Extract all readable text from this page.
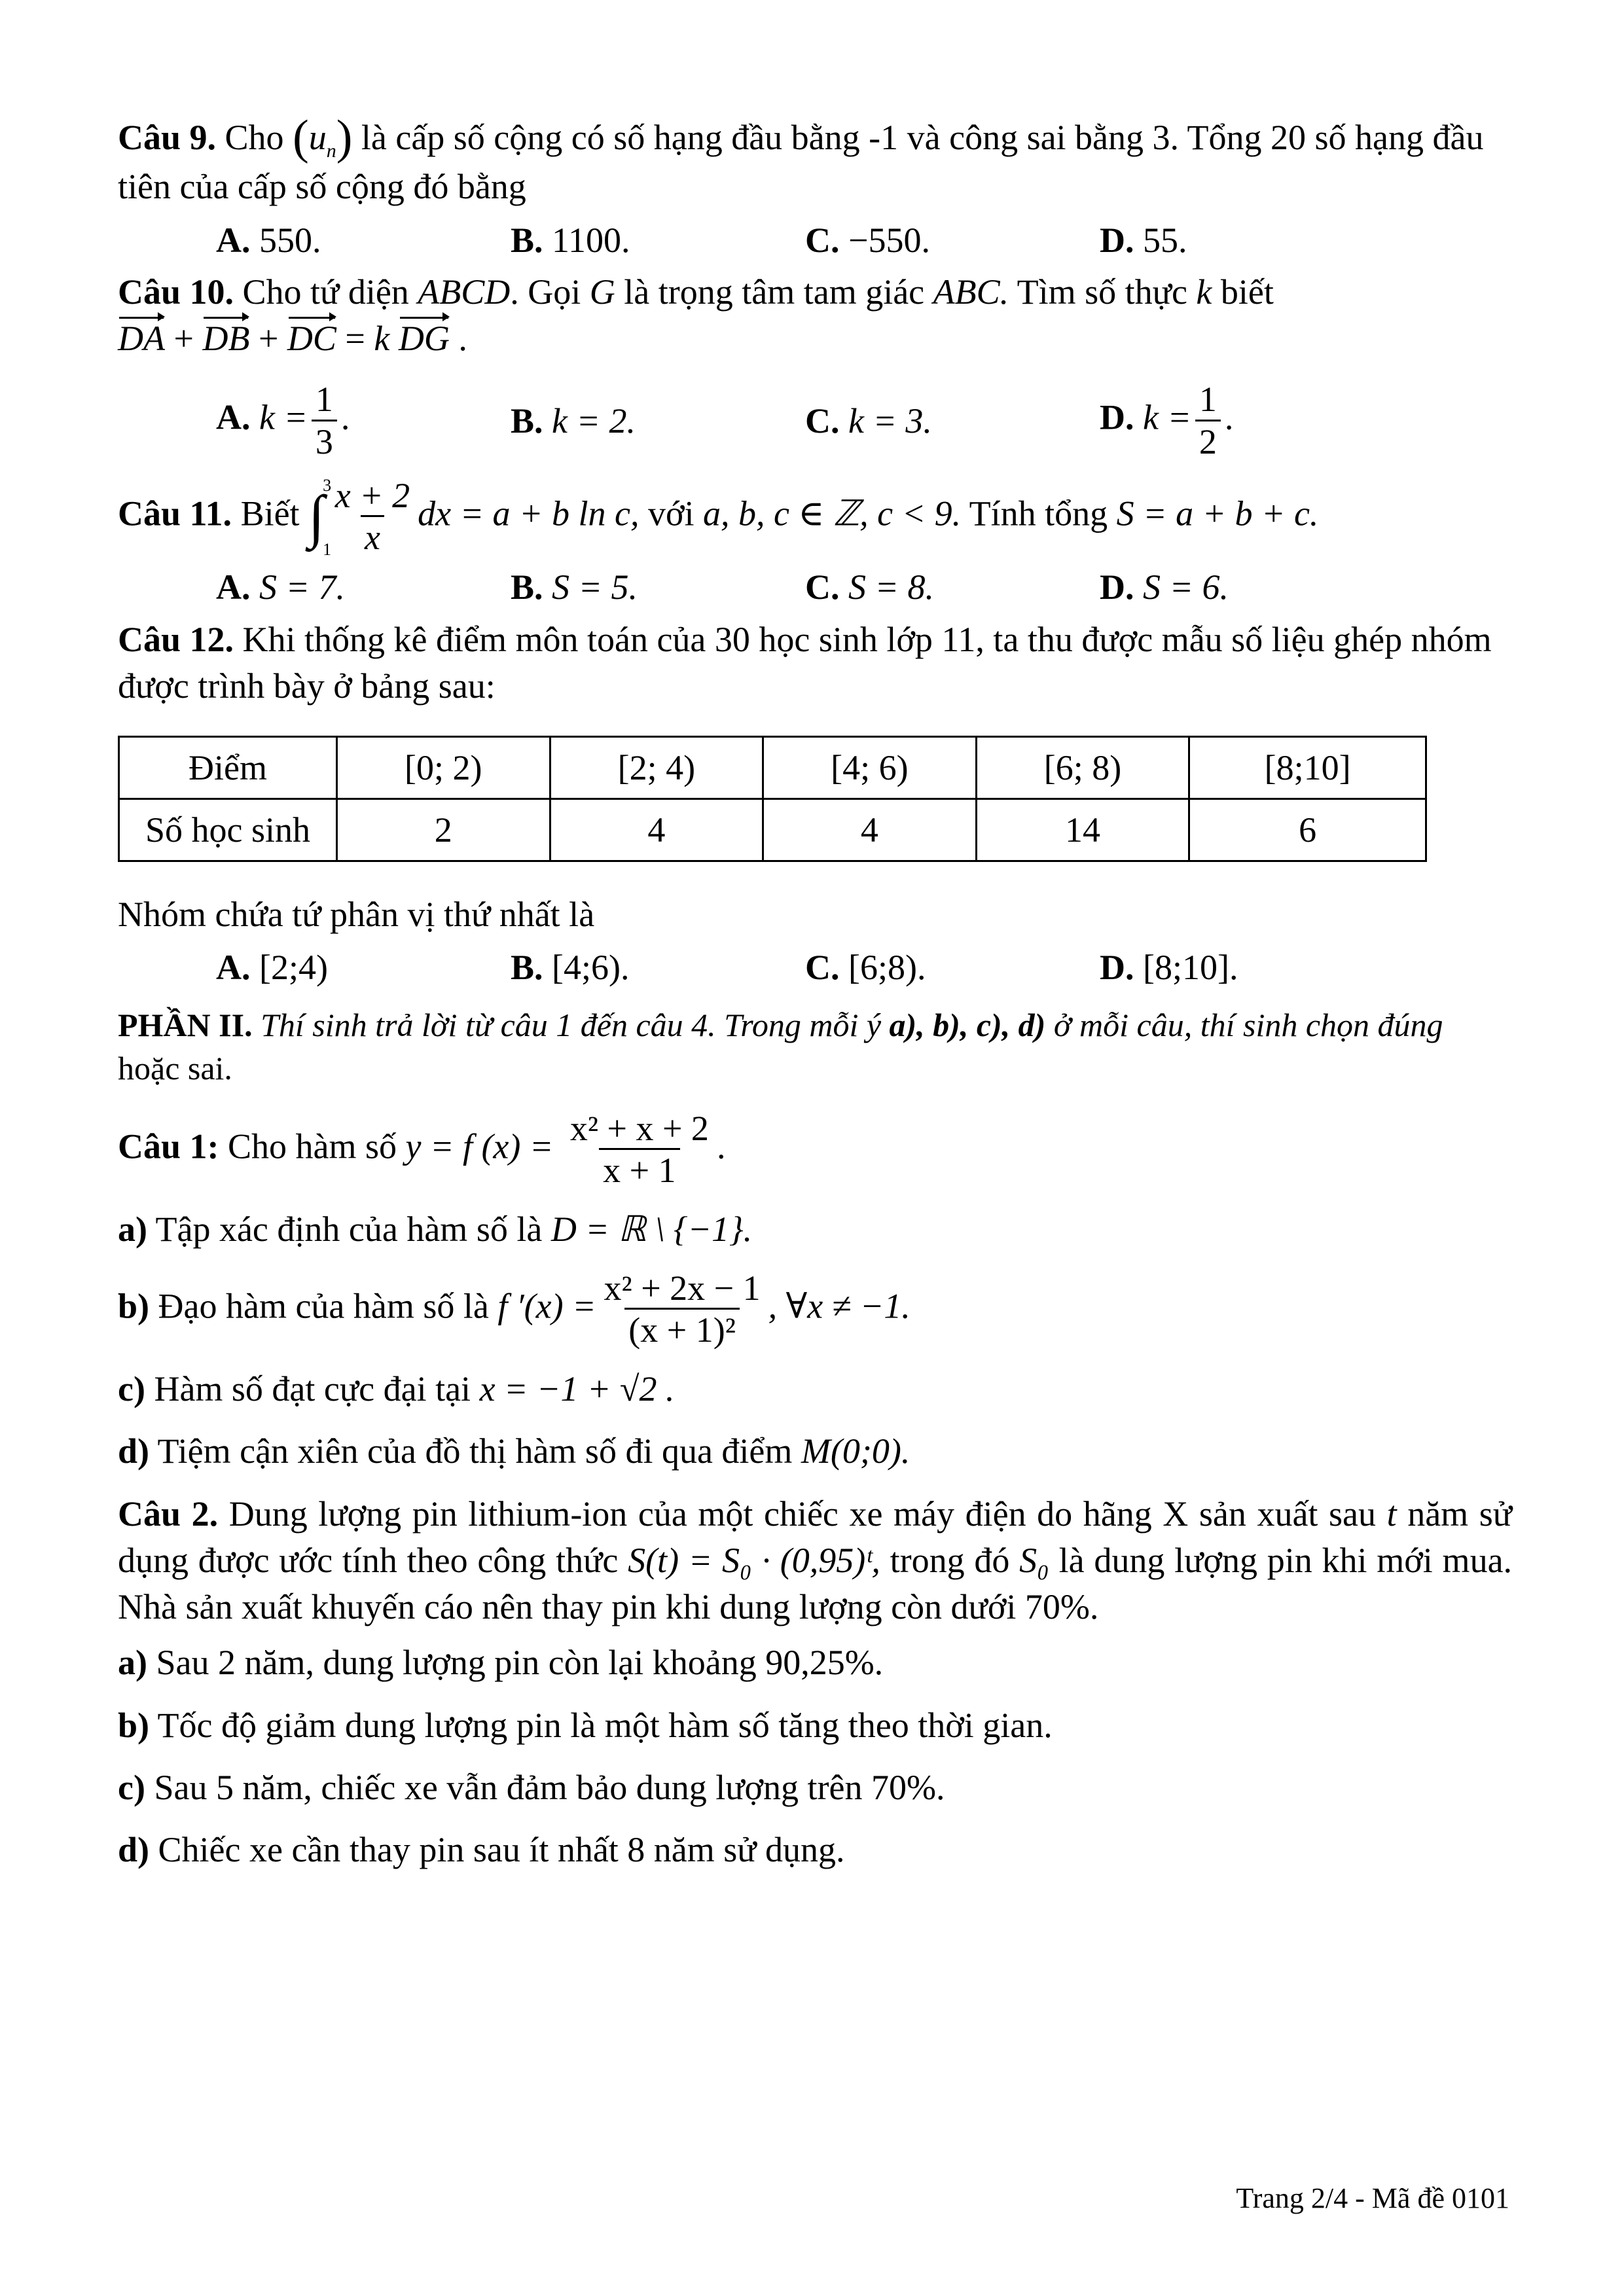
Câu 9. Cho $(u_n)$ là cấp số cộng có số hạng đầu bằng -1 và công sai bằng 3. Tổng 20 số hạng đầu tiên của cấp số cộng đó bằng

A. 550.	B. 1100.	C. −550.	D. 55.

Câu 10. Cho tứ diện ABCD. Gọi G là trọng tâm tam giác ABC. Tìm số thực k biết
DA + DB + DC = k DG .

A. $k = \frac{1}{3}$ .	B. k = 2.	C. k = 3.	D. $k = \frac{1}{2}$ .

Câu 11. Biết ∫
3
$1 \frac{x + 2}{x}$ dx = a + b ln c, với a, b, c ∈ ℤ, c < 9. Tính tổng S = a + b + c.

A. S = 7.	B. S = 5.	C. S = 8.	D. S = 6.

Câu 12. Khi thống kê điểm môn toán của 30 học sinh lớp 11, ta thu được mẫu số liệu ghép nhóm được trình bày ở bảng sau:

Điểm	[0; 2)	[2; 4)	[4; 6)	[6; 8)	[8;10]
Số học sinh	2	4	4	14	6

Nhóm chứa tứ phân vị thứ nhất là

A. [2;4)	B. [4;6).	C. [6;8).	D. [8;10].

PHẦN II. Thí sinh trả lời từ câu 1 đến câu 4. Trong mỗi ý a), b), c), d) ở mỗi câu, thí sinh chọn đúng hoặc sai.

Câu 1: Cho hàm số y = f $(x) = \frac{\text{x² + x + 2}}{x + 1}$ .

a) Tập xác định của hàm số là D = ℝ \ {−1}.

b) Đạo hàm của hàm số là f $'(x) = \frac{\text{x² + 2x − 1}}{\text{(x + 1)²}}$ , ∀x ≠ −1.

c) Hàm số đạt cực đại tại x = −1 + √2 .

d) Tiệm cận xiên của đồ thị hàm số đi qua điểm M(0;0).

Câu 2. Dung lượng pin lithium-ion của một chiếc xe máy điện do hãng X sản xuất sau t năm sử dụng được ước tính theo công thức S(t) = S₀ · (0,95)ᵗ, trong đó S₀ là dung lượng pin khi mới mua. Nhà sản xuất khuyến cáo nên thay pin khi dung lượng còn dưới 70%.

a) Sau 2 năm, dung lượng pin còn lại khoảng 90,25%.

b) Tốc độ giảm dung lượng pin là một hàm số tăng theo thời gian.

c) Sau 5 năm, chiếc xe vẫn đảm bảo dung lượng trên 70%.

d) Chiếc xe cần thay pin sau ít nhất 8 năm sử dụng.

Trang 2/4 - Mã đề 0101
